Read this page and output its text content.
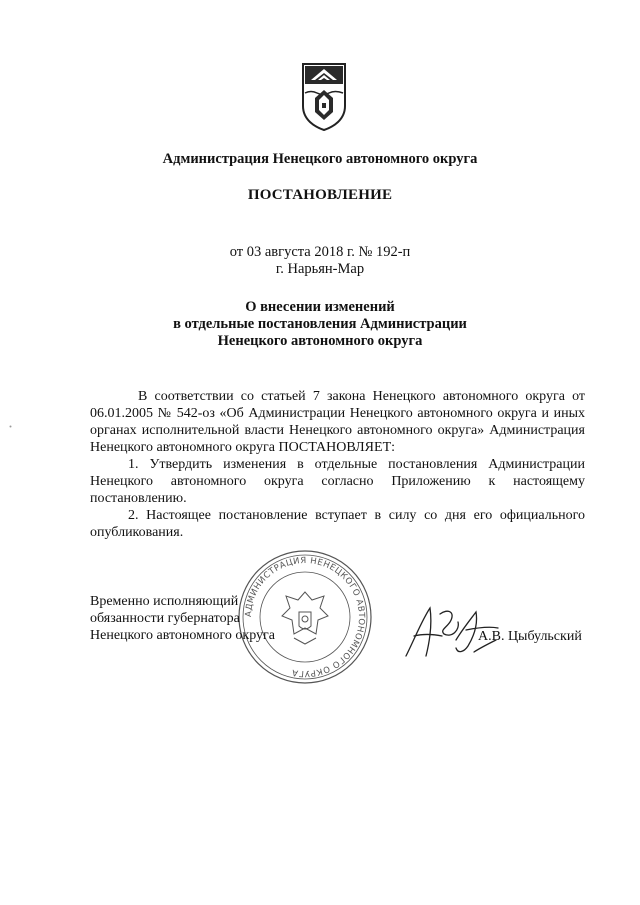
Администрация Ненецкого автономного округа
ПОСТАНОВЛЕНИЕ
от 03 августа 2018 г. № 192-п
г. Нарьян-Мар
О внесении изменений
в отдельные постановления Администрации
Ненецкого автономного округа

В соответствии со статьей 7 закона Ненецкого автономного округа от 06.01.2005 № 542-оз «Об Администрации Ненецкого автономного округа и иных органах исполнительной власти Ненецкого автономного округа» Администрация Ненецкого автономного округа ПОСТАНОВЛЯЕТ:

1. Утвердить изменения в отдельные постановления Администрации Ненецкого автономного округа согласно Приложению к настоящему постановлению.

2. Настоящее постановление вступает в силу со дня его официального опубликования.

АДМИНИСТРАЦИЯ НЕНЕЦКОГО АВТОНОМНОГО ОКРУГА
Временно исполняющий
обязанности губернатора
Ненецкого автономного округа	А.В. Цыбульский
